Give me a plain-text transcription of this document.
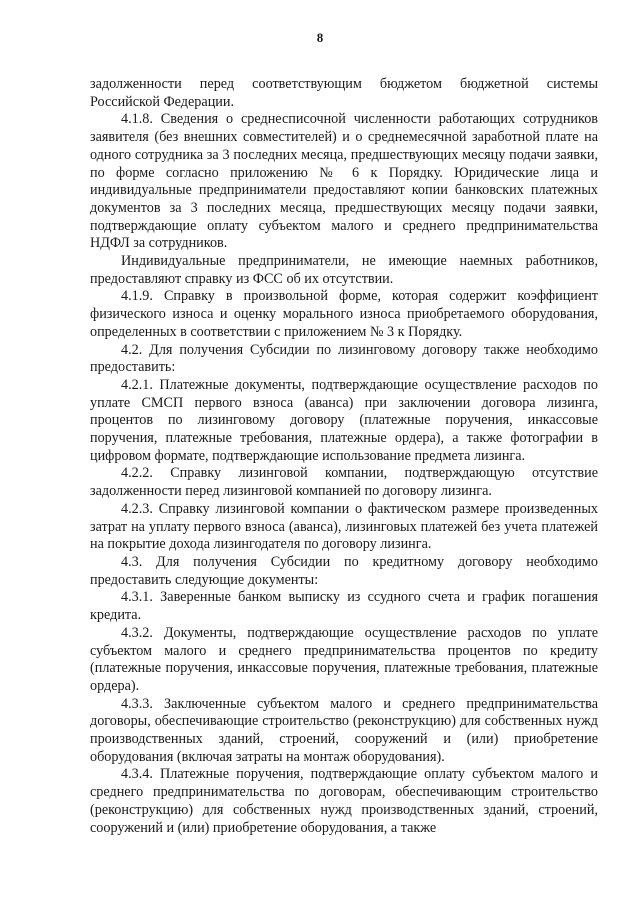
8

задолженности перед соответствующим бюджетом бюджетной системы Российской Федерации.

4.1.8. Сведения о среднесписочной численности работающих сотрудников заявителя (без внешних совместителей) и о среднемесячной заработной плате на одного сотрудника за 3 последних месяца, предшествующих месяцу подачи заявки, по форме согласно приложению № 6 к Порядку. Юридические лица и индивидуальные предприниматели предоставляют копии банковских платежных документов за 3 последних месяца, предшествующих месяцу подачи заявки, подтверждающие оплату субъектом малого и среднего предпринимательства НДФЛ за сотрудников.

Индивидуальные предприниматели, не имеющие наемных работников, предоставляют справку из ФСС об их отсутствии.

4.1.9. Справку в произвольной форме, которая содержит коэффициент физического износа и оценку морального износа приобретаемого оборудования, определенных в соответствии с приложением № 3 к Порядку.

4.2. Для получения Субсидии по лизинговому договору также необходимо предоставить:

4.2.1. Платежные документы, подтверждающие осуществление расходов по уплате СМСП первого взноса (аванса) при заключении договора лизинга, процентов по лизинговому договору (платежные поручения, инкассовые поручения, платежные требования, платежные ордера), а также фотографии в цифровом формате, подтверждающие использование предмета лизинга.

4.2.2. Справку лизинговой компании, подтверждающую отсутствие задолженности перед лизинговой компанией по договору лизинга.

4.2.3. Справку лизинговой компании о фактическом размере произведенных затрат на уплату первого взноса (аванса), лизинговых платежей без учета платежей на покрытие дохода лизингодателя по договору лизинга.

4.3. Для получения Субсидии по кредитному договору необходимо предоставить следующие документы:

4.3.1. Заверенные банком выписку из ссудного счета и график погашения кредита.

4.3.2. Документы, подтверждающие осуществление расходов по уплате субъектом малого и среднего предпринимательства процентов по кредиту (платежные поручения, инкассовые поручения, платежные требования, платежные ордера).

4.3.3. Заключенные субъектом малого и среднего предпринимательства договоры, обеспечивающие строительство (реконструкцию) для собственных нужд производственных зданий, строений, сооружений и (или) приобретение оборудования (включая затраты на монтаж оборудования).

4.3.4. Платежные поручения, подтверждающие оплату субъектом малого и среднего предпринимательства по договорам, обеспечивающим строительство (реконструкцию) для собственных нужд производственных зданий, строений, сооружений и (или) приобретение оборудования, а также
